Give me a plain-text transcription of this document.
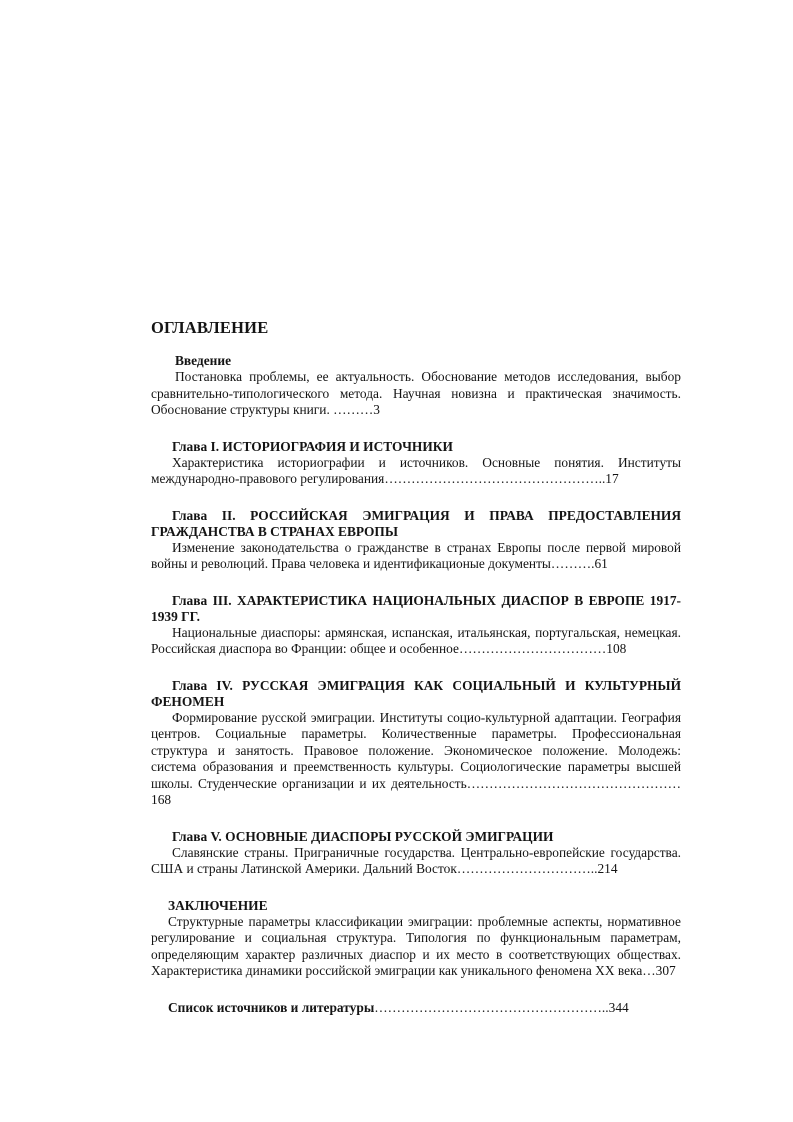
ОГЛАВЛЕНИЕ

Введение

Постановка проблемы, ее актуальность. Обоснование методов исследования, выбор сравнительно-типологического метода. Научная новизна и практическая значимость. Обоснование структуры книги. ………3

Глава I. ИСТОРИОГРАФИЯ И ИСТОЧНИКИ

Характеристика историографии и источников. Основные понятия. Институты международно-правового регулирования…………………………………………..17

Глава II. РОССИЙСКАЯ ЭМИГРАЦИЯ И ПРАВА ПРЕДОСТАВЛЕНИЯ ГРАЖДАНСТВА В СТРАНАХ ЕВРОПЫ

Изменение законодательства о гражданстве в странах Европы после первой мировой войны и революций. Права человека и идентификационые документы……….61

Глава III. ХАРАКТЕРИСТИКА НАЦИОНАЛЬНЫХ ДИАСПОР В ЕВРОПЕ 1917-1939 ГГ.

Национальные диаспоры: армянская, испанская, итальянская, португальская, немецкая. Российская диаспора во Франции: общее и особенное……………………………108

Глава IV. РУССКАЯ ЭМИГРАЦИЯ КАК СОЦИАЛЬНЫЙ И КУЛЬТУРНЫЙ ФЕНОМЕН

Формирование русской эмиграции. Институты социо-культурной адаптации. География центров. Социальные параметры. Количественные параметры. Профессиональная структура и занятость. Правовое положение. Экономическое положение. Молодежь: система образования и преемственность культуры. Социологические параметры высшей школы. Студенческие организации и их деятельность…………………………………………168

Глава V. ОСНОВНЫЕ ДИАСПОРЫ РУССКОЙ ЭМИГРАЦИИ

Славянские страны. Приграничные государства. Центрально-европейские государства. США и страны Латинской Америки. Дальний Восток…………………………..214

ЗАКЛЮЧЕНИЕ

Структурные параметры классификации эмиграции: проблемные аспекты, нормативное регулирование и социальная структура. Типология по функциональным параметрам, определяющим характер различных диаспор и их место в соответствующих обществах. Характеристика динамики российской эмиграции как уникального феномена XX века…307

Список источников и литературы……………………………………………..344
